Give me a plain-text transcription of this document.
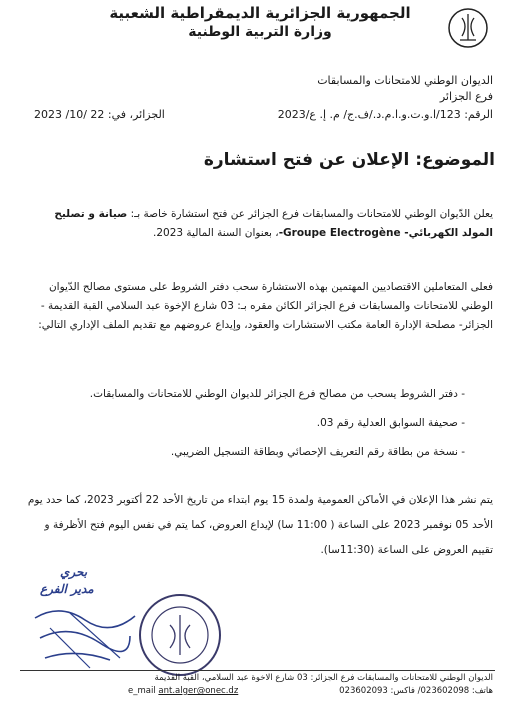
الجمهورية الجزائرية الديمقراطية الشعبية
وزارة التربية الوطنية
الديوان الوطني للامتحانات والمسابقات
فرع الجزائر
الرقم: 123/ا.و.ت.و.ا.م.د./ف.ج/ م. إ. ع/2023
الجزائر، في: 22 /10/ 2023
الموضوع: الإعلان عن فتح استشارة
يعلن الدّيوان الوطني للامتحانات والمسابقات فرع الجزائر عن فتح استشارة خاصة بـ: صيانة و تصليح المولد الكهربائي- Groupe Electrogène-، بعنوان السنة المالية 2023.
فعلى المتعاملين الاقتصاديين المهتمين بهذه الاستشارة سحب دفتر الشروط على مستوى مصالح الدّيوان الوطني للامتحانات والمسابقات فرع الجزائر الكائن مقره بـ: 03 شارع الإخوة عبد السلامي القبة القديمة - الجزائر- مصلحة الإدارة العامة مكتب الاستشارات والعقود، وإيداع عروضهم مع تقديم الملف الإداري التالي:
- دفتر الشروط يسحب من مصالح فرع الجزائر للديوان الوطني للامتحانات والمسابقات.
- صحيفة السوابق العدلية رقم 03.
- نسخة من بطاقة رقم التعريف الإحصائي وبطاقة التسجيل الضريبي.
يتم نشر هذا الإعلان في الأماكن العمومية ولمدة 15 يوم ابتداء من تاريخ الأحد 22 أكتوبر 2023، كما حدد يوم الأحد 05 نوفمبر 2023 على الساعة ( 11:00 سا) لإيداع العروض، كما يتم في نفس اليوم فتح الأظرفة و تقييم العروض على الساعة (11:30سا).
بحري
مدير الفرع
الديوان الوطني للامتحانات والمسابقات فرع الجزائر: 03 شارع الاخوة عبد السلامي، القبة القديمة
هاتف: 023602098/ فاكس: 023602093
e_mail ant.alger@onec.dz
